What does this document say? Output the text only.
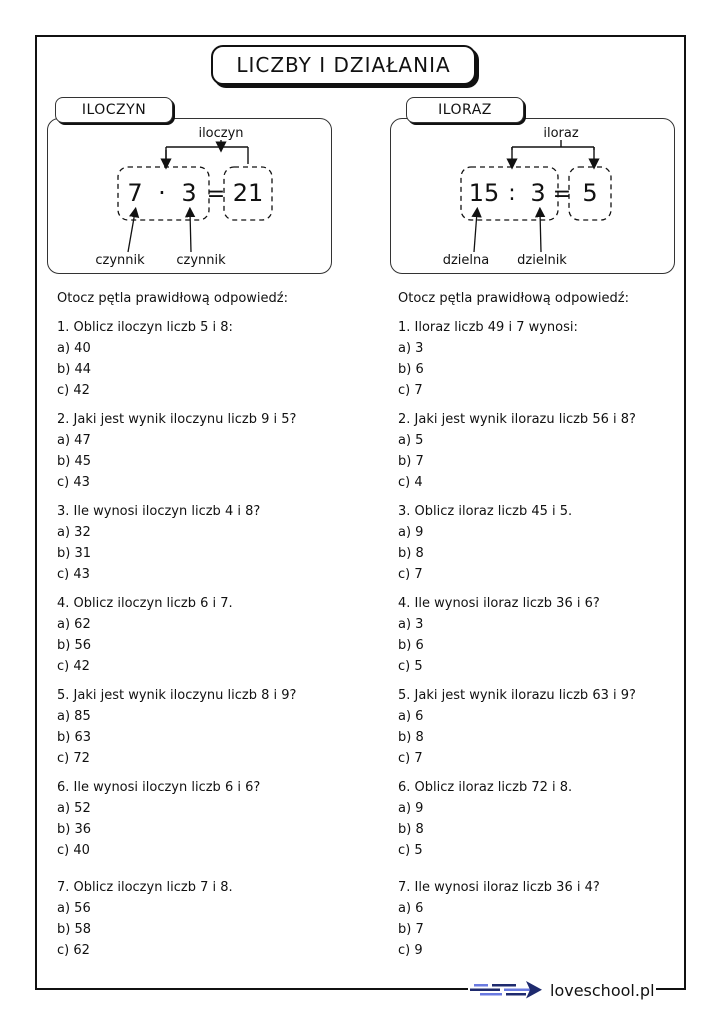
LICZBY I DZIAŁANIA
ILOCZYN	ILORAZ
iloczyn
7 · 3 = 21
czynnik czynnik
iloraz
15 : 3 = 5
dzielna dzielnik
Otocz pętla prawidłową odpowiedź:
1. Oblicz iloczyn liczb 5 i 8:
a) 40
b) 44
c) 42
2. Jaki jest wynik iloczynu liczb 9 i 5?
a) 47
b) 45
c) 43
3. Ile wynosi iloczyn liczb 4 i 8?
a) 32
b) 31
c) 43
4. Oblicz iloczyn liczb 6 i 7.
a) 62
b) 56
c) 42
5. Jaki jest wynik iloczynu liczb 8 i 9?
a) 85
b) 63
c) 72
6. Ile wynosi iloczyn liczb 6 i 6?
a) 52
b) 36
c) 40
7. Oblicz iloczyn liczb 7 i 8.
a) 56
b) 58
c) 62
Otocz pętla prawidłową odpowiedź:
1. Iloraz liczb 49 i 7 wynosi:
a) 3
b) 6
c) 7
2. Jaki jest wynik ilorazu liczb 56 i 8?
a) 5
b) 7
c) 4
3. Oblicz iloraz liczb 45 i 5.
a) 9
b) 8
c) 7
4. Ile wynosi iloraz liczb 36 i 6?
a) 3
b) 6
c) 5
5. Jaki jest wynik ilorazu liczb 63 i 9?
a) 6
b) 8
c) 7
6. Oblicz iloraz liczb 72 i 8.
a) 9
b) 8
c) 5
7. Ile wynosi iloraz liczb 36 i 4?
a) 6
b) 7
c) 9
loveschool.pl
